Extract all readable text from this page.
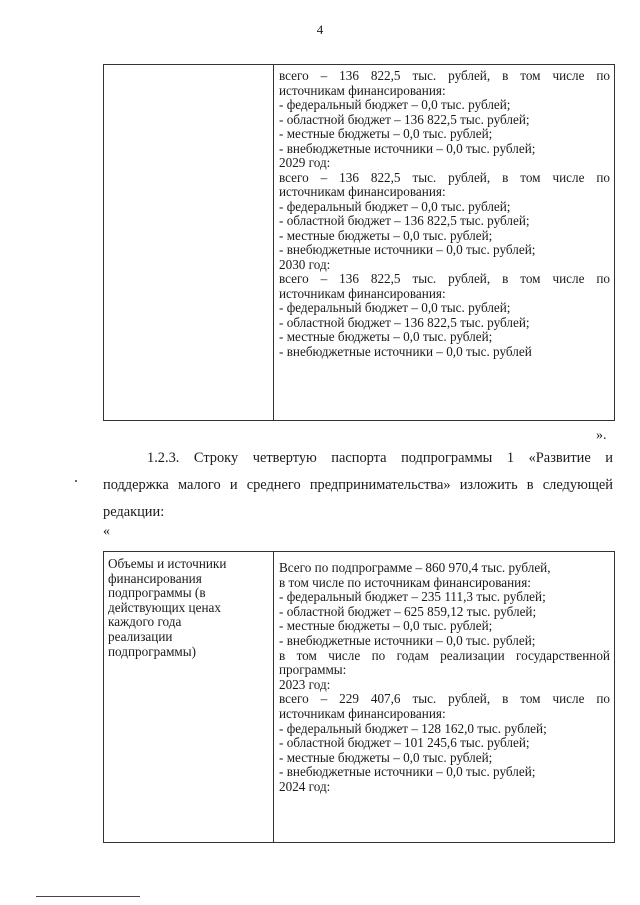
4
всего – 136 822,5 тыс. рублей, в том числе по
источникам финансирования:
- федеральный бюджет – 0,0 тыс. рублей;
- областной бюджет – 136 822,5 тыс. рублей;
- местные бюджеты – 0,0 тыс. рублей;
- внебюджетные источники – 0,0 тыс. рублей;
2029 год:
всего – 136 822,5 тыс. рублей, в том числе по
источникам финансирования:
- федеральный бюджет – 0,0 тыс. рублей;
- областной бюджет – 136 822,5 тыс. рублей;
- местные бюджеты – 0,0 тыс. рублей;
- внебюджетные источники – 0,0 тыс. рублей;
2030 год:
всего – 136 822,5 тыс. рублей, в том числе по
источникам финансирования:
- федеральный бюджет – 0,0 тыс. рублей;
- областной бюджет – 136 822,5 тыс. рублей;
- местные бюджеты – 0,0 тыс. рублей;
- внебюджетные источники – 0,0 тыс. рублей
».
1.2.3. Строку четвертую паспорта подпрограммы 1 «Развитие и
поддержка малого и среднего предпринимательства» изложить в следующей
редакции:
«
Объемы и источники
финансирования
подпрограммы (в
действующих ценах
каждого года
реализации
подпрограммы)
Всего по подпрограмме – 860 970,4 тыс. рублей,
в том числе по источникам финансирования:
- федеральный бюджет – 235 111,3 тыс. рублей;
- областной бюджет – 625 859,12 тыс. рублей;
- местные бюджеты – 0,0 тыс. рублей;
- внебюджетные источники – 0,0 тыс. рублей;
в том числе по годам реализации государственной
программы:
2023 год:
всего – 229 407,6 тыс. рублей, в том числе по
источникам финансирования:
- федеральный бюджет – 128 162,0 тыс. рублей;
- областной бюджет – 101 245,6 тыс. рублей;
- местные бюджеты – 0,0 тыс. рублей;
- внебюджетные источники – 0,0 тыс. рублей;
2024 год:
